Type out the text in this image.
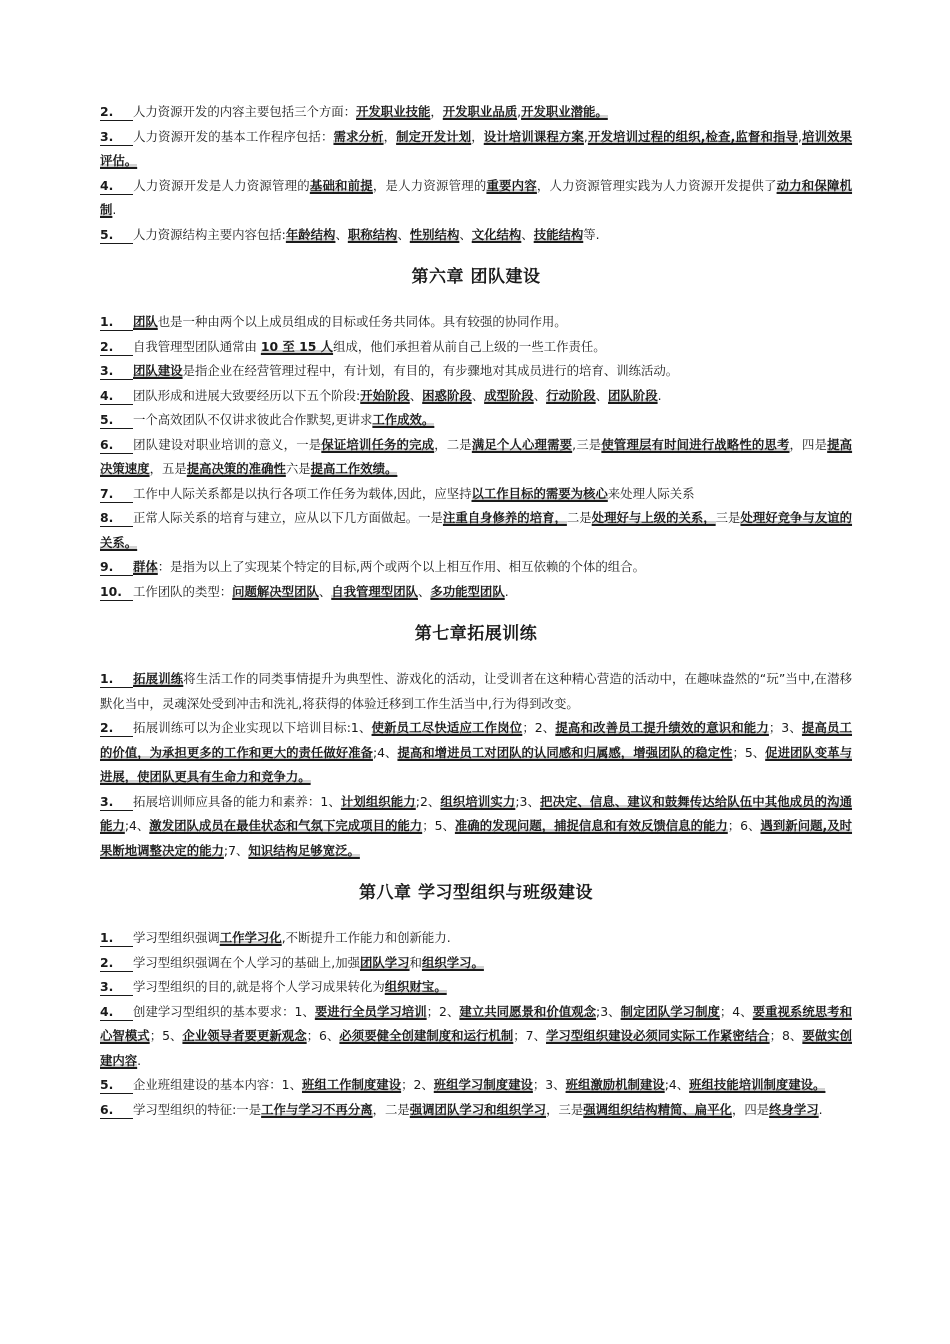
2. 人力资源开发的内容主要包括三个方面：开发职业技能，开发职业品质,开发职业潜能。

3. 人力资源开发的基本工作程序包括：需求分析，制定开发计划，设计培训课程方案,开发培训过程的组织,检查,监督和指导,培训效果评估。

4. 人力资源开发是人力资源管理的基础和前提，是人力资源管理的重要内容，人力资源管理实践为人力资源开发提供了动力和保障机制.

5. 人力资源结构主要内容包括:年龄结构、职称结构、性别结构、文化结构、技能结构等.

第六章 团队建设

1. 团队也是一种由两个以上成员组成的目标或任务共同体。具有较强的协同作用。

2. 自我管理型团队通常由 10 至 15 人组成，他们承担着从前自己上级的一些工作责任。

3. 团队建设是指企业在经营管理过程中，有计划，有目的，有步骤地对其成员进行的培育、训练活动。

4. 团队形成和进展大致要经历以下五个阶段:开始阶段、困惑阶段、成型阶段、行动阶段、团队阶段.

5. 一个高效团队不仅讲求彼此合作默契,更讲求工作成效。

6. 团队建设对职业培训的意义，一是保证培训任务的完成，二是满足个人心理需要,三是使管理层有时间进行战略性的思考，四是提高决策速度，五是提高决策的准确性六是提高工作效绩。

7. 工作中人际关系都是以执行各项工作任务为载体,因此，应坚持以工作目标的需要为核心来处理人际关系

8. 正常人际关系的培育与建立，应从以下几方面做起。一是注重自身修养的培育，二是处理好与上级的关系，三是处理好竞争与友谊的关系。

9. 群体：是指为以上了实现某个特定的目标,两个或两个以上相互作用、相互依赖的个体的组合。

10. 工作团队的类型：问题解决型团队、自我管理型团队、多功能型团队.

第七章拓展训练

1. 拓展训练将生活工作的同类事情提升为典型性、游戏化的活动，让受训者在这种精心营造的活动中，在趣味盎然的“玩”当中,在潜移默化当中，灵魂深处受到冲击和洗礼,将获得的体验迁移到工作生活当中,行为得到改变。

2. 拓展训练可以为企业实现以下培训目标:1、使新员工尽快适应工作岗位；2、提高和改善员工提升绩效的意识和能力；3、提高员工的价值，为承担更多的工作和更大的责任做好准备;4、提高和增进员工对团队的认同感和归属感，增强团队的稳定性；5、促进团队变革与进展，使团队更具有生命力和竞争力。

3. 拓展培训师应具备的能力和素养：1、计划组织能力;2、组织培训实力;3、把决定、信息、建议和鼓舞传达给队伍中其他成员的沟通能力;4、激发团队成员在最佳状态和气氛下完成项目的能力；5、准确的发现问题，捕捉信息和有效反馈信息的能力；6、遇到新问题,及时果断地调整决定的能力;7、知识结构足够宽泛。

第八章 学习型组织与班级建设

1. 学习型组织强调工作学习化,不断提升工作能力和创新能力.

2. 学习型组织强调在个人学习的基础上,加强团队学习和组织学习。

3. 学习型组织的目的,就是将个人学习成果转化为组织财宝。

4. 创建学习型组织的基本要求：1、要进行全员学习培训；2、建立共同愿景和价值观念;3、制定团队学习制度；4、要重视系统思考和心智模式；5、企业领导者要更新观念；6、必须要健全创建制度和运行机制；7、学习型组织建设必须同实际工作紧密结合；8、要做实创建内容.

5. 企业班组建设的基本内容：1、班组工作制度建设；2、班组学习制度建设；3、班组激励机制建设;4、班组技能培训制度建设。

6. 学习型组织的特征:一是工作与学习不再分离，二是强调团队学习和组织学习，三是强调组织结构精简、扁平化，四是终身学习.
